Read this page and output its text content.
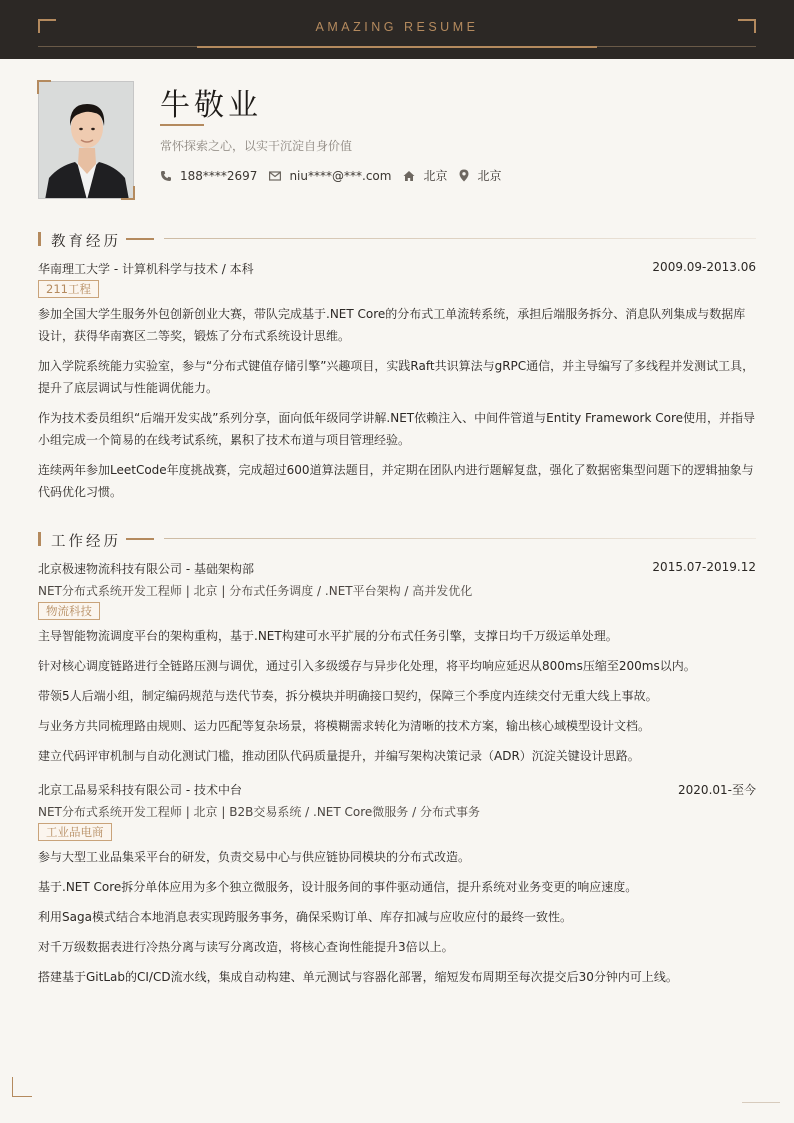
AMAZING RESUME
牛敬业
常怀探索之心，以实干沉淀自身价值
188****2697	niu****@***.com	北京	北京
教育经历
华南理工大学 - 计算机科学与技术 / 本科	2009.09-2013.06
211工程
参加全国大学生服务外包创新创业大赛，带队完成基于.NET Core的分布式工单流转系统，承担后端服务拆分、消息队列集成与数据库设计，获得华南赛区二等奖，锻炼了分布式系统设计思维。
加入学院系统能力实验室，参与“分布式键值存储引擎”兴趣项目，实践Raft共识算法与gRPC通信，并主导编写了多线程并发测试工具，提升了底层调试与性能调优能力。
作为技术委员组织“后端开发实战”系列分享，面向低年级同学讲解.NET依赖注入、中间件管道与Entity Framework Core使用，并指导小组完成一个简易的在线考试系统，累积了技术布道与项目管理经验。
连续两年参加LeetCode年度挑战赛，完成超过600道算法题目，并定期在团队内进行题解复盘，强化了数据密集型问题下的逻辑抽象与代码优化习惯。
工作经历
北京极速物流科技有限公司 - 基础架构部	2015.07-2019.12
NET分布式系统开发工程师 | 北京 | 分布式任务调度 / .NET平台架构 / 高并发优化
物流科技
主导智能物流调度平台的架构重构，基于.NET构建可水平扩展的分布式任务引擎，支撑日均千万级运单处理。
针对核心调度链路进行全链路压测与调优，通过引入多级缓存与异步化处理，将平均响应延迟从800ms压缩至200ms以内。
带领5人后端小组，制定编码规范与迭代节奏，拆分模块并明确接口契约，保障三个季度内连续交付无重大线上事故。
与业务方共同梳理路由规则、运力匹配等复杂场景，将模糊需求转化为清晰的技术方案，输出核心域模型设计文档。
建立代码评审机制与自动化测试门槛，推动团队代码质量提升，并编写架构决策记录（ADR）沉淀关键设计思路。
北京工品易采科技有限公司 - 技术中台	2020.01-至今
NET分布式系统开发工程师 | 北京 | B2B交易系统 / .NET Core微服务 / 分布式事务
工业品电商
参与大型工业品集采平台的研发，负责交易中心与供应链协同模块的分布式改造。
基于.NET Core拆分单体应用为多个独立微服务，设计服务间的事件驱动通信，提升系统对业务变更的响应速度。
利用Saga模式结合本地消息表实现跨服务事务，确保采购订单、库存扣减与应收应付的最终一致性。
对千万级数据表进行冷热分离与读写分离改造，将核心查询性能提升3倍以上。
搭建基于GitLab的CI/CD流水线，集成自动构建、单元测试与容器化部署，缩短发布周期至每次提交后30分钟内可上线。
